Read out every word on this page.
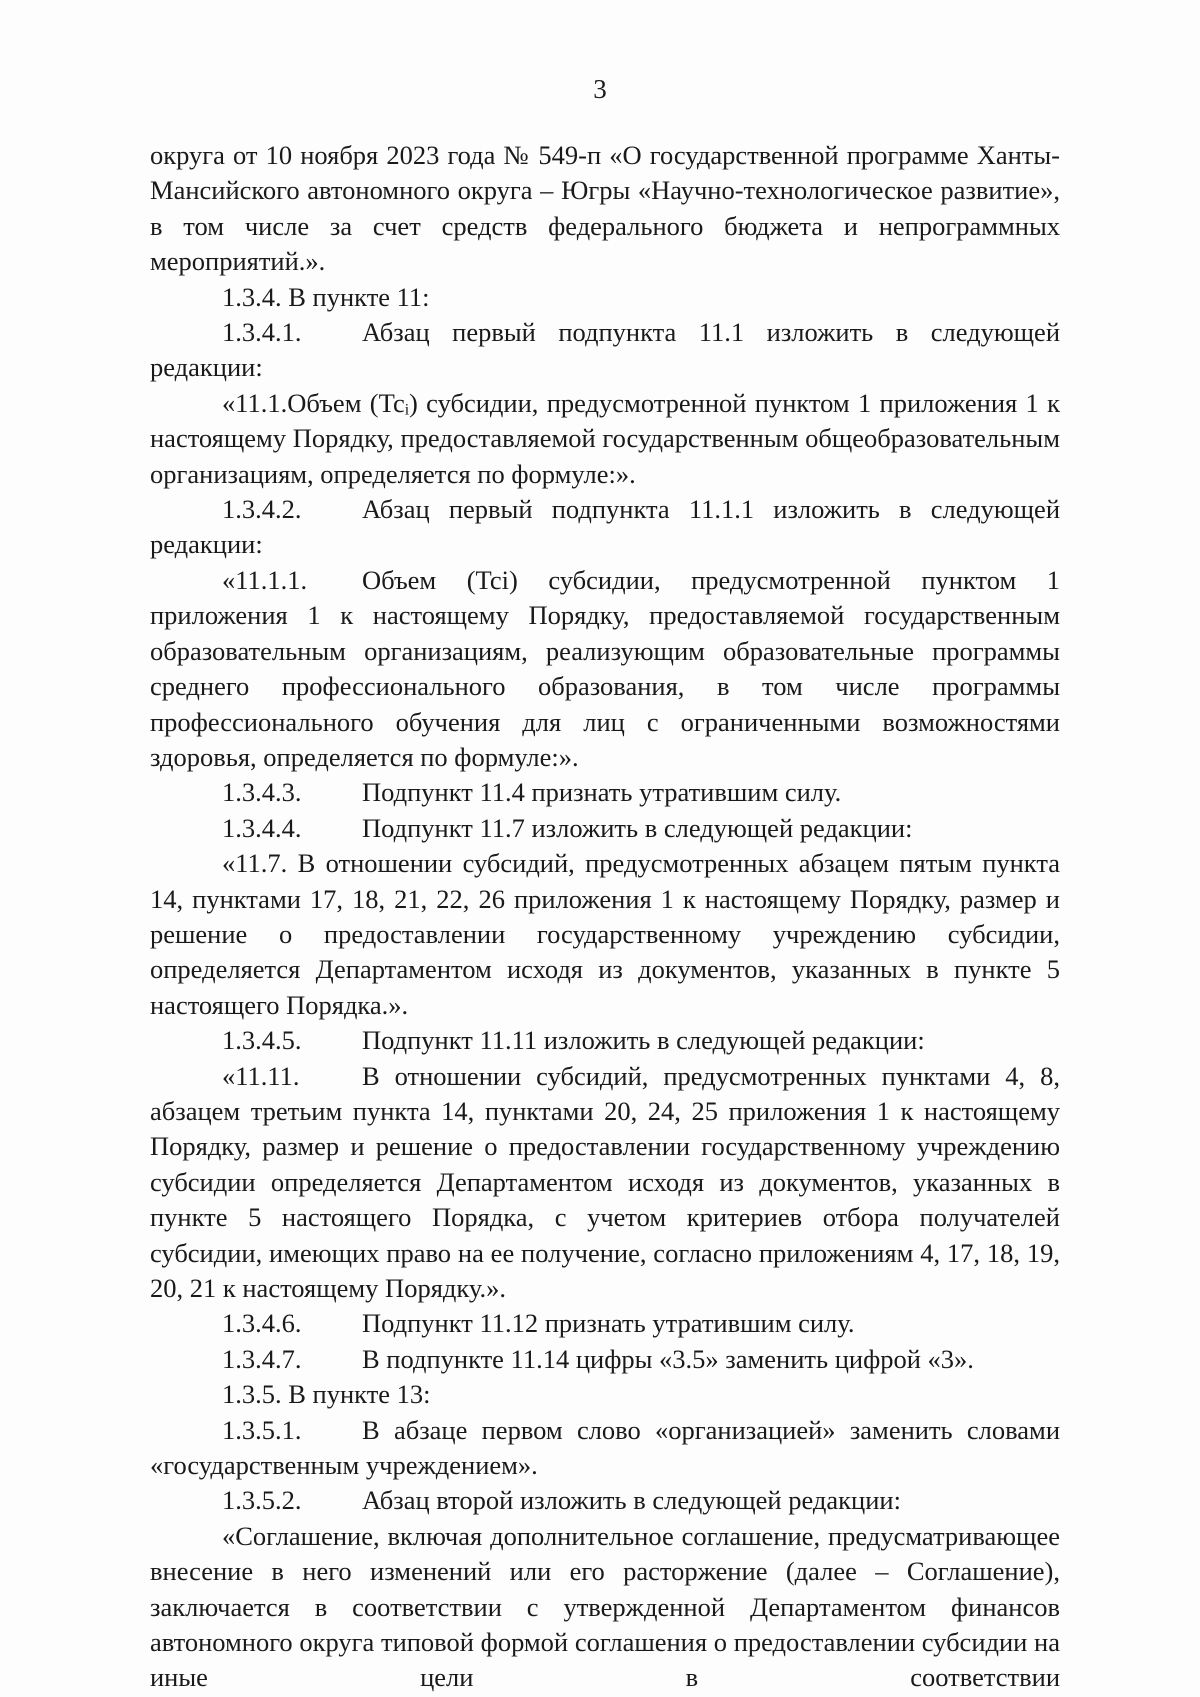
3

округа от 10 ноября 2023 года № 549-п «О государственной программе Ханты-Мансийского автономного округа – Югры «Научно-технологическое развитие», в том числе за счет средств федерального бюджета и непрограммных мероприятий.».

1.3.4. В пункте 11:

1.3.4.1. Абзац первый подпункта 11.1 изложить в следующей редакции:

«11.1.Объем (Tcᵢ) субсидии, предусмотренной пунктом 1 приложения 1 к настоящему Порядку, предоставляемой государственным общеобразовательным организациям, определяется по формуле:».

1.3.4.2. Абзац первый подпункта 11.1.1 изложить в следующей редакции:

«11.1.1. Объем (Tci) субсидии, предусмотренной пунктом 1 приложения 1 к настоящему Порядку, предоставляемой государственным образовательным организациям, реализующим образовательные программы среднего профессионального образования, в том числе программы профессионального обучения для лиц с ограниченными возможностями здоровья, определяется по формуле:».

1.3.4.3. Подпункт 11.4 признать утратившим силу.

1.3.4.4. Подпункт 11.7 изложить в следующей редакции:

«11.7. В отношении субсидий, предусмотренных абзацем пятым пункта 14, пунктами 17, 18, 21, 22, 26 приложения 1 к настоящему Порядку, размер и решение о предоставлении государственному учреждению субсидии, определяется Департаментом исходя из документов, указанных в пункте 5 настоящего Порядка.».

1.3.4.5. Подпункт 11.11 изложить в следующей редакции:

«11.11. В отношении субсидий, предусмотренных пунктами 4, 8, абзацем третьим пункта 14, пунктами 20, 24, 25 приложения 1 к настоящему Порядку, размер и решение о предоставлении государственному учреждению субсидии определяется Департаментом исходя из документов, указанных в пункте 5 настоящего Порядка, с учетом критериев отбора получателей субсидии, имеющих право на ее получение, согласно приложениям 4, 17, 18, 19, 20, 21 к настоящему Порядку.».

1.3.4.6. Подпункт 11.12 признать утратившим силу.

1.3.4.7. В подпункте 11.14 цифры «3.5» заменить цифрой «3».

1.3.5. В пункте 13:

1.3.5.1. В абзаце первом слово «организацией» заменить словами «государственным учреждением».

1.3.5.2. Абзац второй изложить в следующей редакции:

«Соглашение, включая дополнительное соглашение, предусматривающее внесение в него изменений или его расторжение (далее – Соглашение), заключается в соответствии с утвержденной Департаментом финансов автономного округа типовой формой соглашения о предоставлении субсидии на иные цели в соответствии
